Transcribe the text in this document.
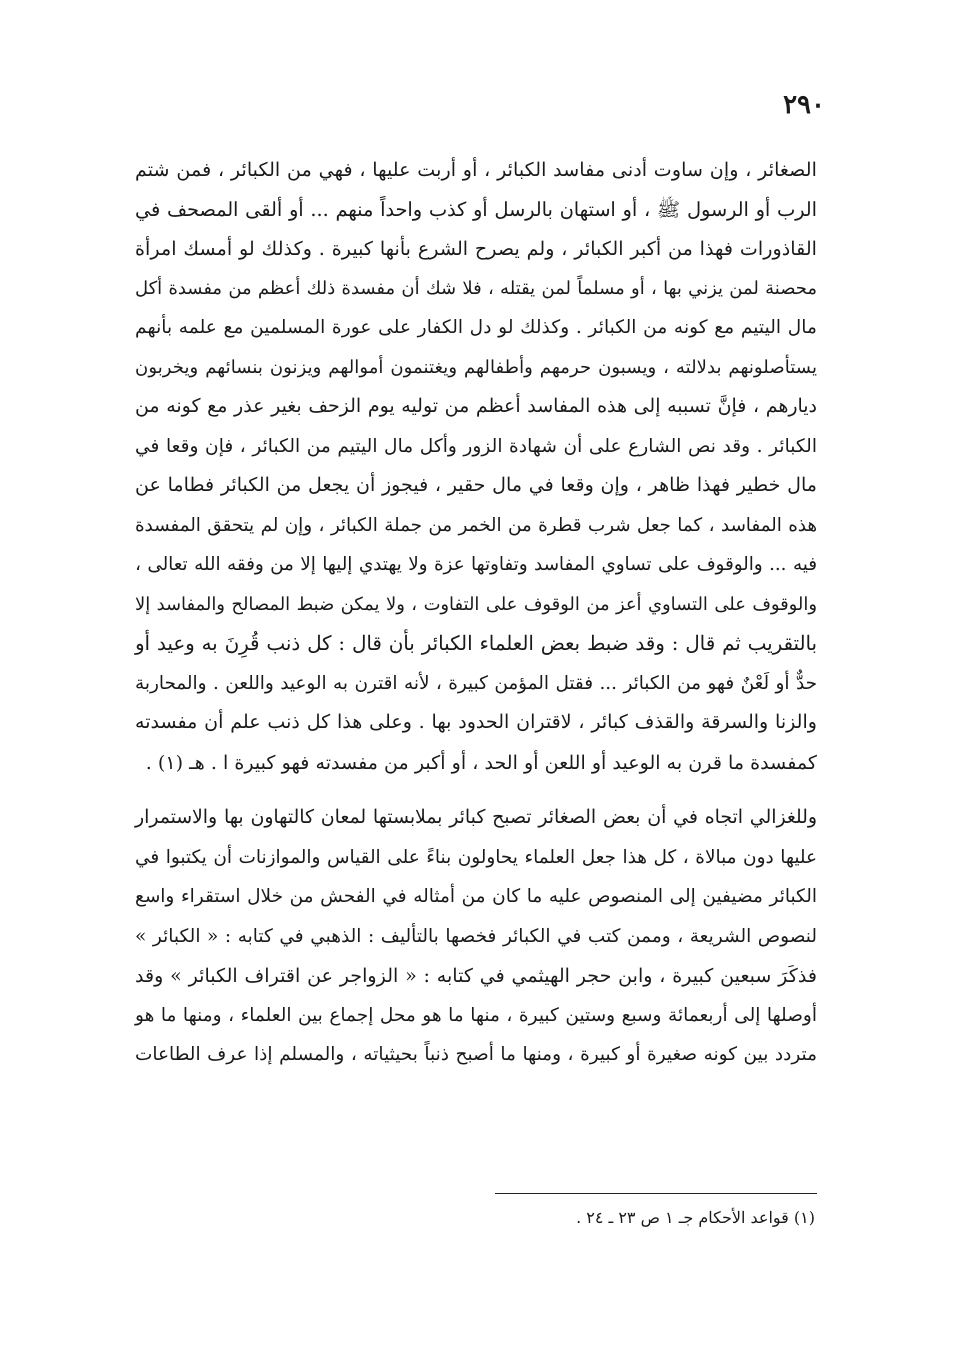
٢٩٠

الصغائر ، وإن ساوت أدنى مفاسد الكبائر ، أو أربت عليها ، فهي من الكبائر ، فمن شتم
الرب أو الرسول ﷺ ، أو استهان بالرسل أو كذب واحداً منهم ... أو ألقى المصحف في
القاذورات فهذا من أكبر الكبائر ، ولم يصرح الشرع بأنها كبيرة . وكذلك لو أمسك امرأة
محصنة لمن يزني بها ، أو مسلماً لمن يقتله ، فلا شك أن مفسدة ذلك أعظم من مفسدة أكل
مال اليتيم مع كونه من الكبائر . وكذلك لو دل الكفار على عورة المسلمين مع علمه بأنهم
يستأصلونهم بدلالته ، ويسبون حرمهم وأطفالهم ويغتنمون أموالهم ويزنون بنسائهم ويخربون
ديارهم ، فإنَّ تسببه إلى هذه المفاسد أعظم من توليه يوم الزحف بغير عذر مع كونه من
الكبائر . وقد نص الشارع على أن شهادة الزور وأكل مال اليتيم من الكبائر ، فإن وقعا في
مال خطير فهذا ظاهر ، وإن وقعا في مال حقير ، فيجوز أن يجعل من الكبائر فطاما عن
هذه المفاسد ، كما جعل شرب قطرة من الخمر من جملة الكبائر ، وإن لم يتحقق المفسدة
فيه ... والوقوف على تساوي المفاسد وتفاوتها عزة ولا يهتدي إليها إلا من وفقه الله تعالى ،
والوقوف على التساوي أعز من الوقوف على التفاوت ، ولا يمكن ضبط المصالح والمفاسد إلا
بالتقريب ثم قال : وقد ضبط بعض العلماء الكبائر بأن قال : كل ذنب قُرِنَ به وعيد أو
حدٌّ أو لَعْنٌ فهو من الكبائر ... فقتل المؤمن كبيرة ، لأنه اقترن به الوعيد واللعن . والمحاربة
والزنا والسرقة والقذف كبائر ، لاقتران الحدود بها . وعلى هذا كل ذنب علم أن مفسدته
كمفسدة ما قرن به الوعيد أو اللعن أو الحد ، أو أكبر من مفسدته فهو كبيرة ا . هـ (١) .

وللغزالي اتجاه في أن بعض الصغائر تصبح كبائر بملابستها لمعان كالتهاون بها والاستمرار
عليها دون مبالاة ، كل هذا جعل العلماء يحاولون بناءً على القياس والموازنات أن يكتبوا في
الكبائر مضيفين إلى المنصوص عليه ما كان من أمثاله في الفحش من خلال استقراء واسع
لنصوص الشريعة ، وممن كتب في الكبائر فخصها بالتأليف : الذهبي في كتابه : « الكبائر »
فذكَرَ سبعين كبيرة ، وابن حجر الهيثمي في كتابه : « الزواجر عن اقتراف الكبائر » وقد
أوصلها إلى أربعمائة وسبع وستين كبيرة ، منها ما هو محل إجماع بين العلماء ، ومنها ما هو
متردد بين كونه صغيرة أو كبيرة ، ومنها ما أصبح ذنباً بحيثياته ، والمسلم إذا عرف الطاعات

(١) قواعد الأحكام جـ ١ ص ٢٣ ـ ٢٤ .
